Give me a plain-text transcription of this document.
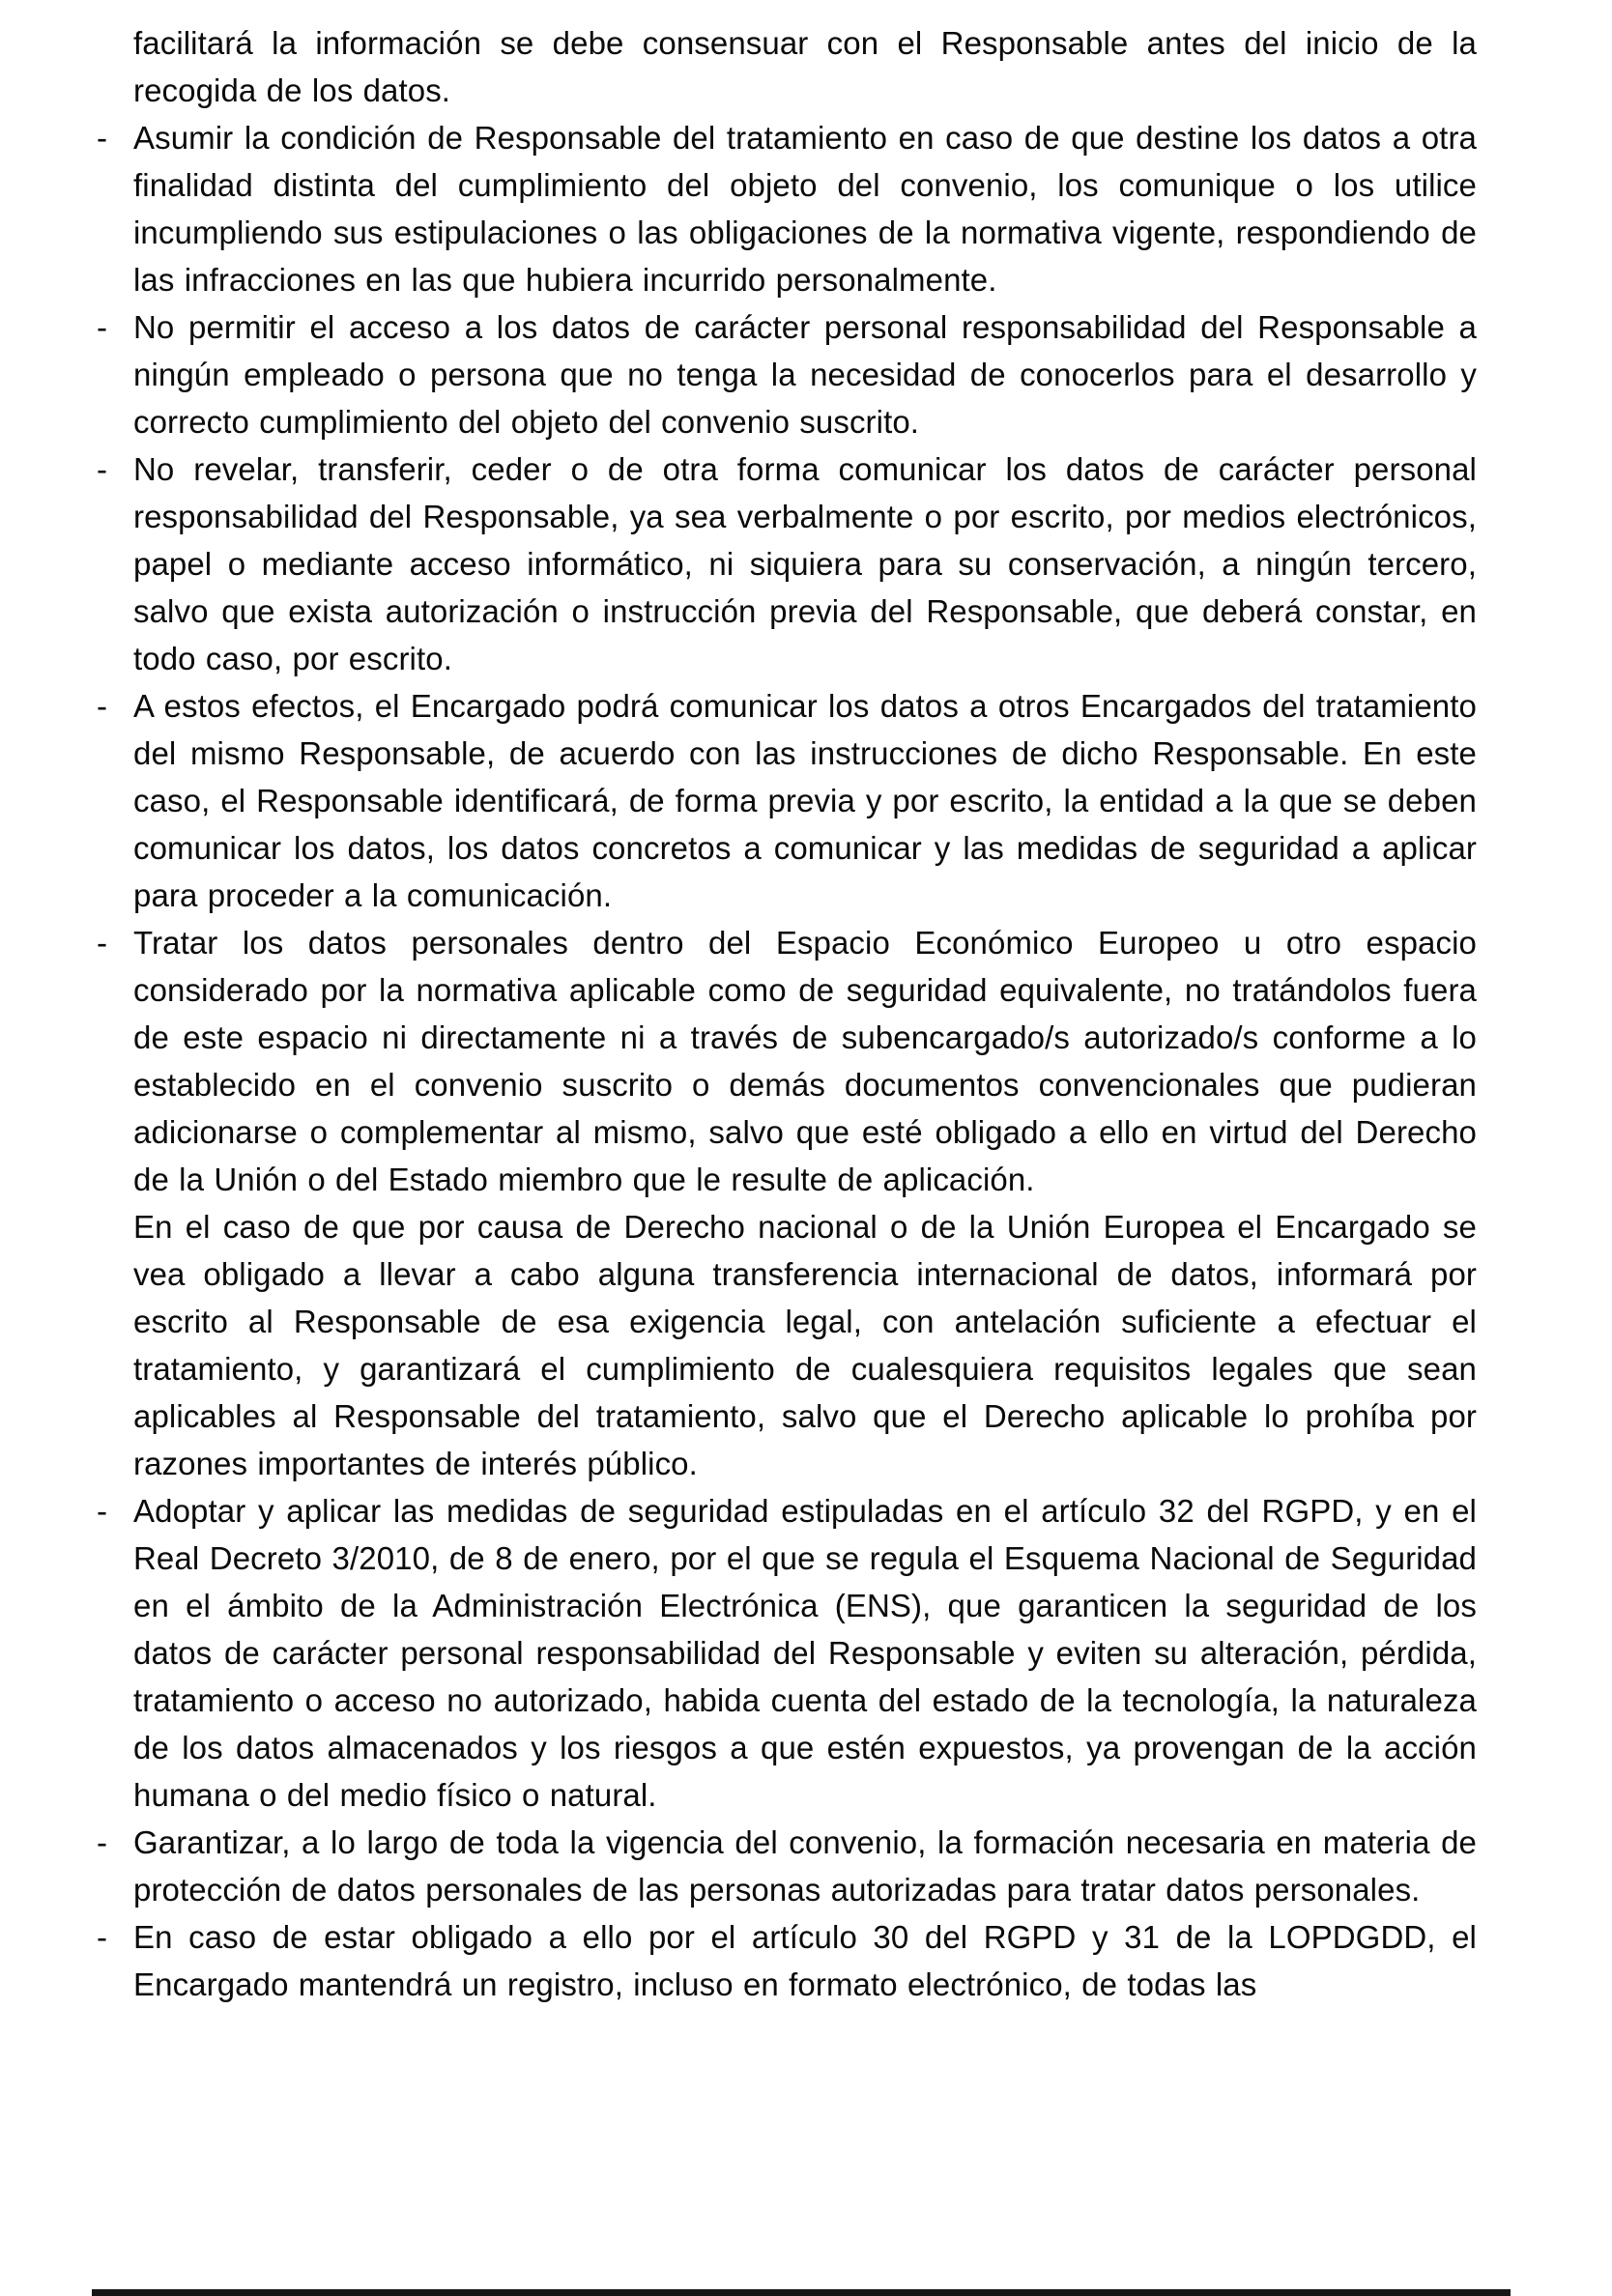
facilitará la información se debe consensuar con el Responsable antes del inicio de la recogida de los datos.

- Asumir la condición de Responsable del tratamiento en caso de que destine los datos a otra finalidad distinta del cumplimiento del objeto del convenio, los comunique o los utilice incumpliendo sus estipulaciones o las obligaciones de la normativa vigente, respondiendo de las infracciones en las que hubiera incurrido personalmente.

- No permitir el acceso a los datos de carácter personal responsabilidad del Responsable a ningún empleado o persona que no tenga la necesidad de conocerlos para el desarrollo y correcto cumplimiento del objeto del convenio suscrito.

- No revelar, transferir, ceder o de otra forma comunicar los datos de carácter personal responsabilidad del Responsable, ya sea verbalmente o por escrito, por medios electrónicos, papel o mediante acceso informático, ni siquiera para su conservación, a ningún tercero, salvo que exista autorización o instrucción previa del Responsable, que deberá constar, en todo caso, por escrito.

- A estos efectos, el Encargado podrá comunicar los datos a otros Encargados del tratamiento del mismo Responsable, de acuerdo con las instrucciones de dicho Responsable. En este caso, el Responsable identificará, de forma previa y por escrito, la entidad a la que se deben comunicar los datos, los datos concretos a comunicar y las medidas de seguridad a aplicar para proceder a la comunicación.

- Tratar los datos personales dentro del Espacio Económico Europeo u otro espacio considerado por la normativa aplicable como de seguridad equivalente, no tratándolos fuera de este espacio ni directamente ni a través de subencargado/s autorizado/s conforme a lo establecido en el convenio suscrito o demás documentos convencionales que pudieran adicionarse o complementar al mismo, salvo que esté obligado a ello en virtud del Derecho de la Unión o del Estado miembro que le resulte de aplicación.

En el caso de que por causa de Derecho nacional o de la Unión Europea el Encargado se vea obligado a llevar a cabo alguna transferencia internacional de datos, informará por escrito al Responsable de esa exigencia legal, con antelación suficiente a efectuar el tratamiento, y garantizará el cumplimiento de cualesquiera requisitos legales que sean aplicables al Responsable del tratamiento, salvo que el Derecho aplicable lo prohíba por razones importantes de interés público.

- Adoptar y aplicar las medidas de seguridad estipuladas en el artículo 32 del RGPD, y en el Real Decreto 3/2010, de 8 de enero, por el que se regula el Esquema Nacional de Seguridad en el ámbito de la Administración Electrónica (ENS), que garanticen la seguridad de los datos de carácter personal responsabilidad del Responsable y eviten su alteración, pérdida, tratamiento o acceso no autorizado, habida cuenta del estado de la tecnología, la naturaleza de los datos almacenados y los riesgos a que estén expuestos, ya provengan de la acción humana o del medio físico o natural.

- Garantizar, a lo largo de toda la vigencia del convenio, la formación necesaria en materia de protección de datos personales de las personas autorizadas para tratar datos personales.

- En caso de estar obligado a ello por el artículo 30 del RGPD y 31 de la LOPDGDD, el Encargado mantendrá un registro, incluso en formato electrónico, de todas las
